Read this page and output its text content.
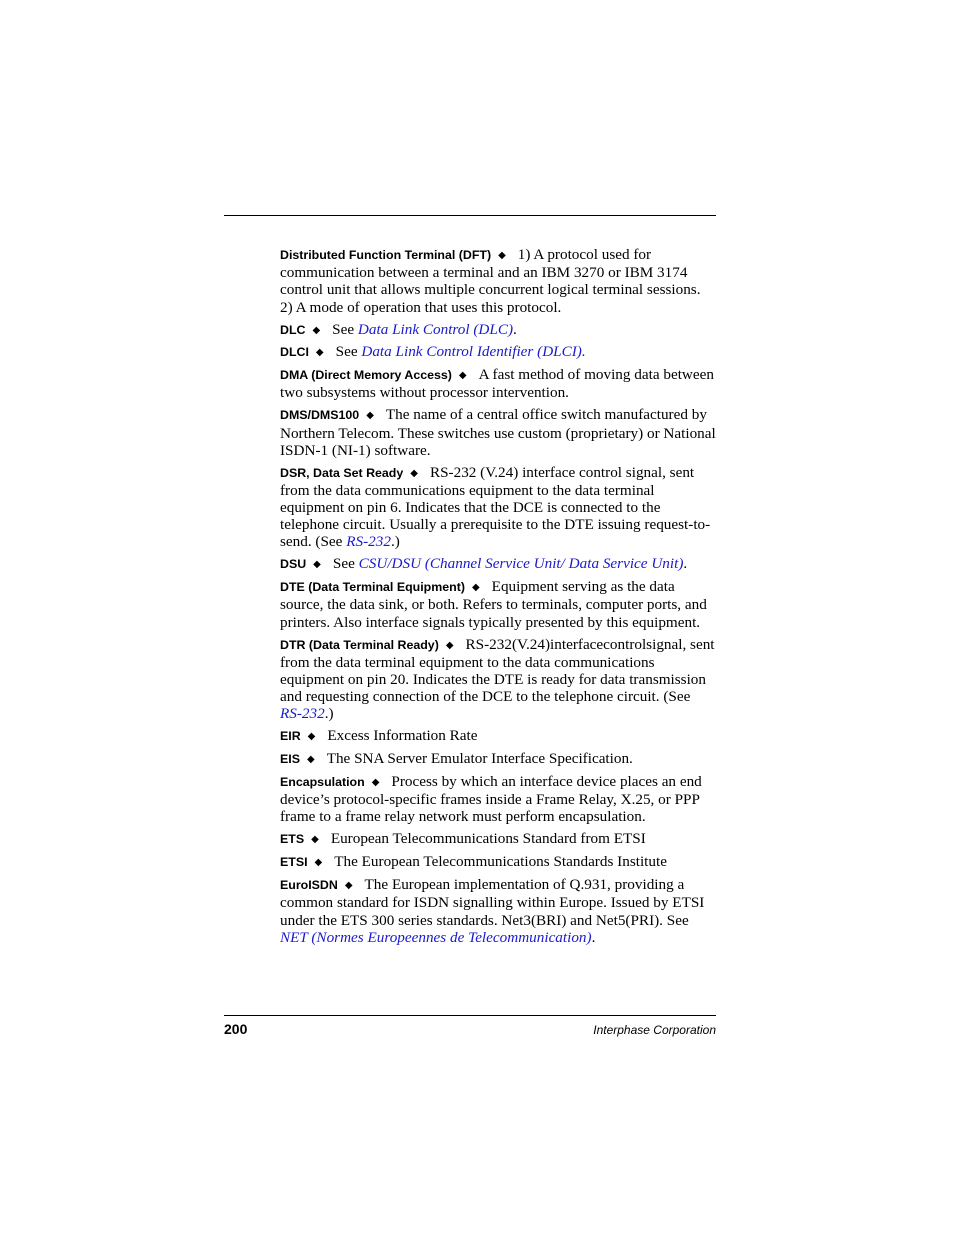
Distributed Function Terminal (DFT) ◆ 1) A protocol used for communication between a terminal and an IBM 3270 or IBM 3174 control unit that allows multiple concurrent logical terminal sessions. 2) A mode of operation that uses this protocol.

DLC ◆ See Data Link Control (DLC).

DLCI ◆ See Data Link Control Identifier (DLCI).

DMA (Direct Memory Access) ◆ A fast method of moving data between two subsystems without processor intervention.

DMS/DMS100 ◆ The name of a central office switch manufactured by Northern Telecom. These switches use custom (proprietary) or National ISDN-1 (NI-1) software.

DSR, Data Set Ready ◆ RS-232 (V.24) interface control signal, sent from the data communications equipment to the data terminal equipment on pin 6. Indicates that the DCE is connected to the telephone circuit. Usually a prerequisite to the DTE issuing request-to-send. (See RS-232.)

DSU ◆ See CSU/DSU (Channel Service Unit/ Data Service Unit).

DTE (Data Terminal Equipment) ◆ Equipment serving as the data source, the data sink, or both. Refers to terminals, computer ports, and printers. Also interface signals typically presented by this equipment.

DTR (Data Terminal Ready) ◆ RS-232(V.24)interfacecontrolsignal, sent from the data terminal equipment to the data communications equipment on pin 20. Indicates the DTE is ready for data transmission and requesting connection of the DCE to the telephone circuit. (See RS-232.)

EIR ◆ Excess Information Rate

EIS ◆ The SNA Server Emulator Interface Specification.

Encapsulation ◆ Process by which an interface device places an end device’s protocol-specific frames inside a Frame Relay, X.25, or PPP frame to a frame relay network must perform encapsulation.

ETS ◆ European Telecommunications Standard from ETSI

ETSI ◆ The European Telecommunications Standards Institute

EuroISDN ◆ The European implementation of Q.931, providing a common standard for ISDN signalling within Europe. Issued by ETSI under the ETS 300 series standards. Net3(BRI) and Net5(PRI). See NET (Normes Europeennes de Telecommunication).

200	Interphase Corporation
